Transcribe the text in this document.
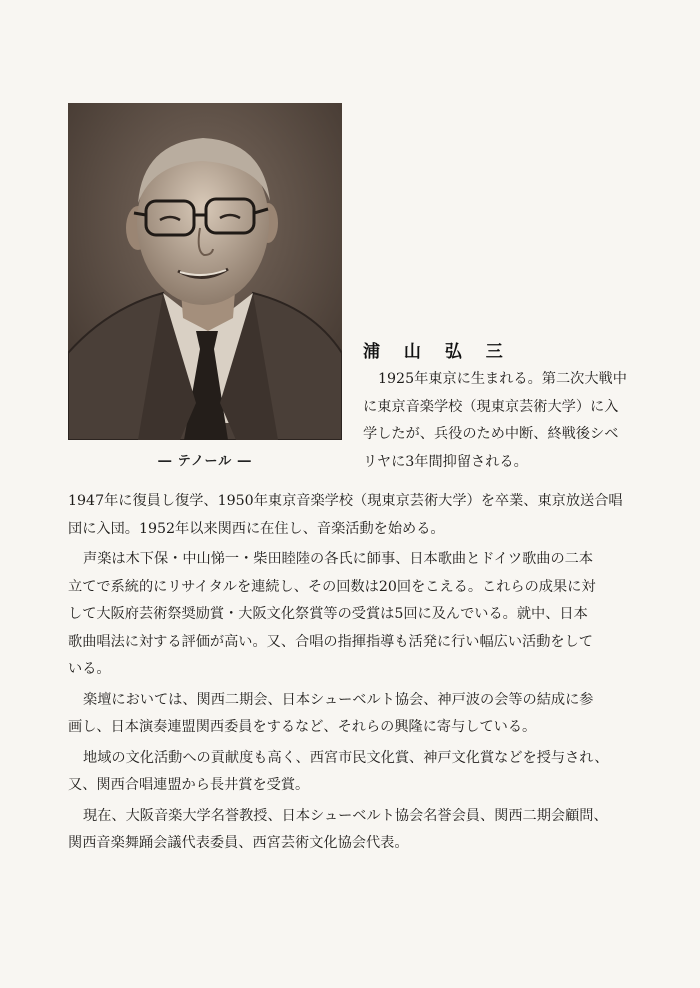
― テノール ―
浦 山 弘 三
1925年東京に生まれる。第二次大戦中
に東京音楽学校（現東京芸術大学）に入
学したが、兵役のため中断、終戦後シベ
リヤに3年間抑留される。
1947年に復員し復学、1950年東京音楽学校（現東京芸術大学）を卒業、東京放送合唱
団に入団。1952年以来関西に在住し、音楽活動を始める。
声楽は木下保・中山悌一・柴田睦陸の各氏に師事、日本歌曲とドイツ歌曲の二本
立てで系統的にリサイタルを連続し、その回数は20回をこえる。これらの成果に対
して大阪府芸術祭奨励賞・大阪文化祭賞等の受賞は5回に及んでいる。就中、日本
歌曲唱法に対する評価が高い。又、合唱の指揮指導も活発に行い幅広い活動をして
いる。
楽壇においては、関西二期会、日本シューベルト協会、神戸波の会等の結成に参
画し、日本演奏連盟関西委員をするなど、それらの興隆に寄与している。
地域の文化活動への貢献度も高く、西宮市民文化賞、神戸文化賞などを授与され、
又、関西合唱連盟から長井賞を受賞。
現在、大阪音楽大学名誉教授、日本シューベルト協会名誉会員、関西二期会顧問、
関西音楽舞踊会議代表委員、西宮芸術文化協会代表。
